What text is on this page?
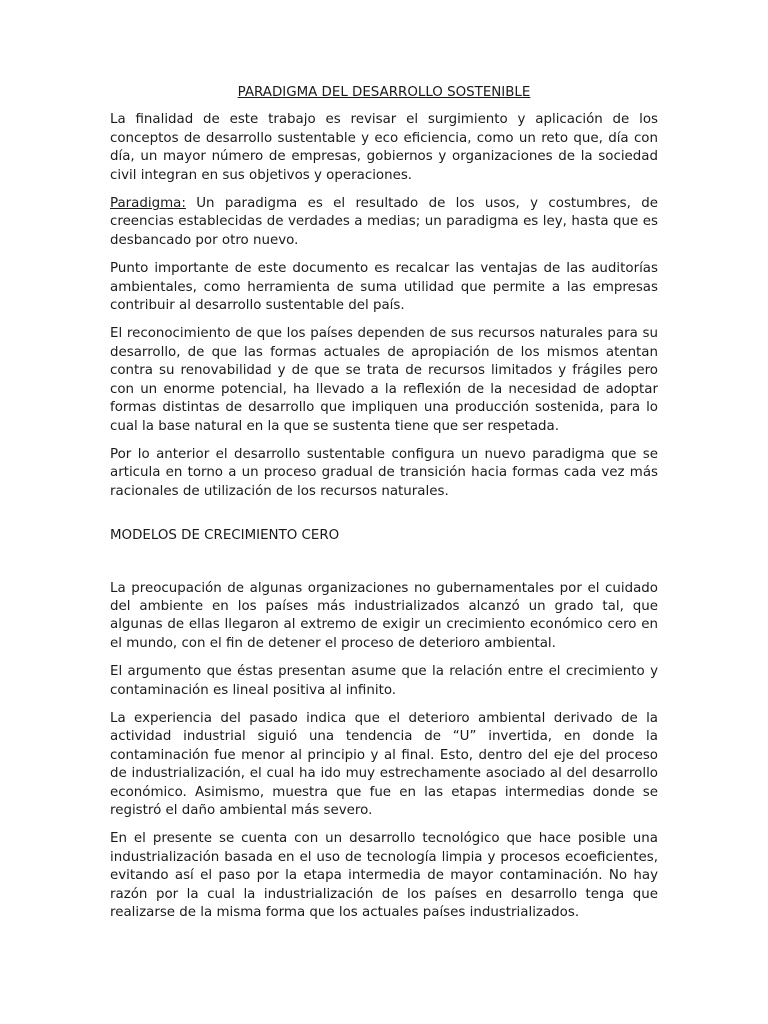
PARADIGMA DEL DESARROLLO SOSTENIBLE

La finalidad de este trabajo es revisar el surgimiento y aplicación de los conceptos de desarrollo sustentable y eco eficiencia, como un reto que, día con día, un mayor número de empresas, gobiernos y organizaciones de la sociedad civil integran en sus objetivos y operaciones.

Paradigma: Un paradigma es el resultado de los usos, y costumbres, de creencias establecidas de verdades a medias; un paradigma es ley, hasta que es desbancado por otro nuevo.

Punto importante de este documento es recalcar las ventajas de las auditorías ambientales, como herramienta de suma utilidad que permite a las empresas contribuir al desarrollo sustentable del país.

El reconocimiento de que los países dependen de sus recursos naturales para su desarrollo, de que las formas actuales de apropiación de los mismos atentan contra su renovabilidad y de que se trata de recursos limitados y frágiles pero con un enorme potencial, ha llevado a la reflexión de la necesidad de adoptar formas distintas de desarrollo que impliquen una producción sostenida, para lo cual la base natural en la que se sustenta tiene que ser respetada.

Por lo anterior el desarrollo sustentable configura un nuevo paradigma que se articula en torno a un proceso gradual de transición hacia formas cada vez más racionales de utilización de los recursos naturales.

MODELOS DE CRECIMIENTO CERO

La preocupación de algunas organizaciones no gubernamentales por el cuidado del ambiente en los países más industrializados alcanzó un grado tal, que algunas de ellas llegaron al extremo de exigir un crecimiento económico cero en el mundo, con el fin de detener el proceso de deterioro ambiental.

El argumento que éstas presentan asume que la relación entre el crecimiento y contaminación es lineal positiva al infinito.

La experiencia del pasado indica que el deterioro ambiental derivado de la actividad industrial siguió una tendencia de “U” invertida, en donde la contaminación fue menor al principio y al final. Esto, dentro del eje del proceso de industrialización, el cual ha ido muy estrechamente asociado al del desarrollo económico. Asimismo, muestra que fue en las etapas intermedias donde se registró el daño ambiental más severo.

En el presente se cuenta con un desarrollo tecnológico que hace posible una industrialización basada en el uso de tecnología limpia y procesos ecoeficientes, evitando así el paso por la etapa intermedia de mayor contaminación. No hay razón por la cual la industrialización de los países en desarrollo tenga que realizarse de la misma forma que los actuales países industrializados.
